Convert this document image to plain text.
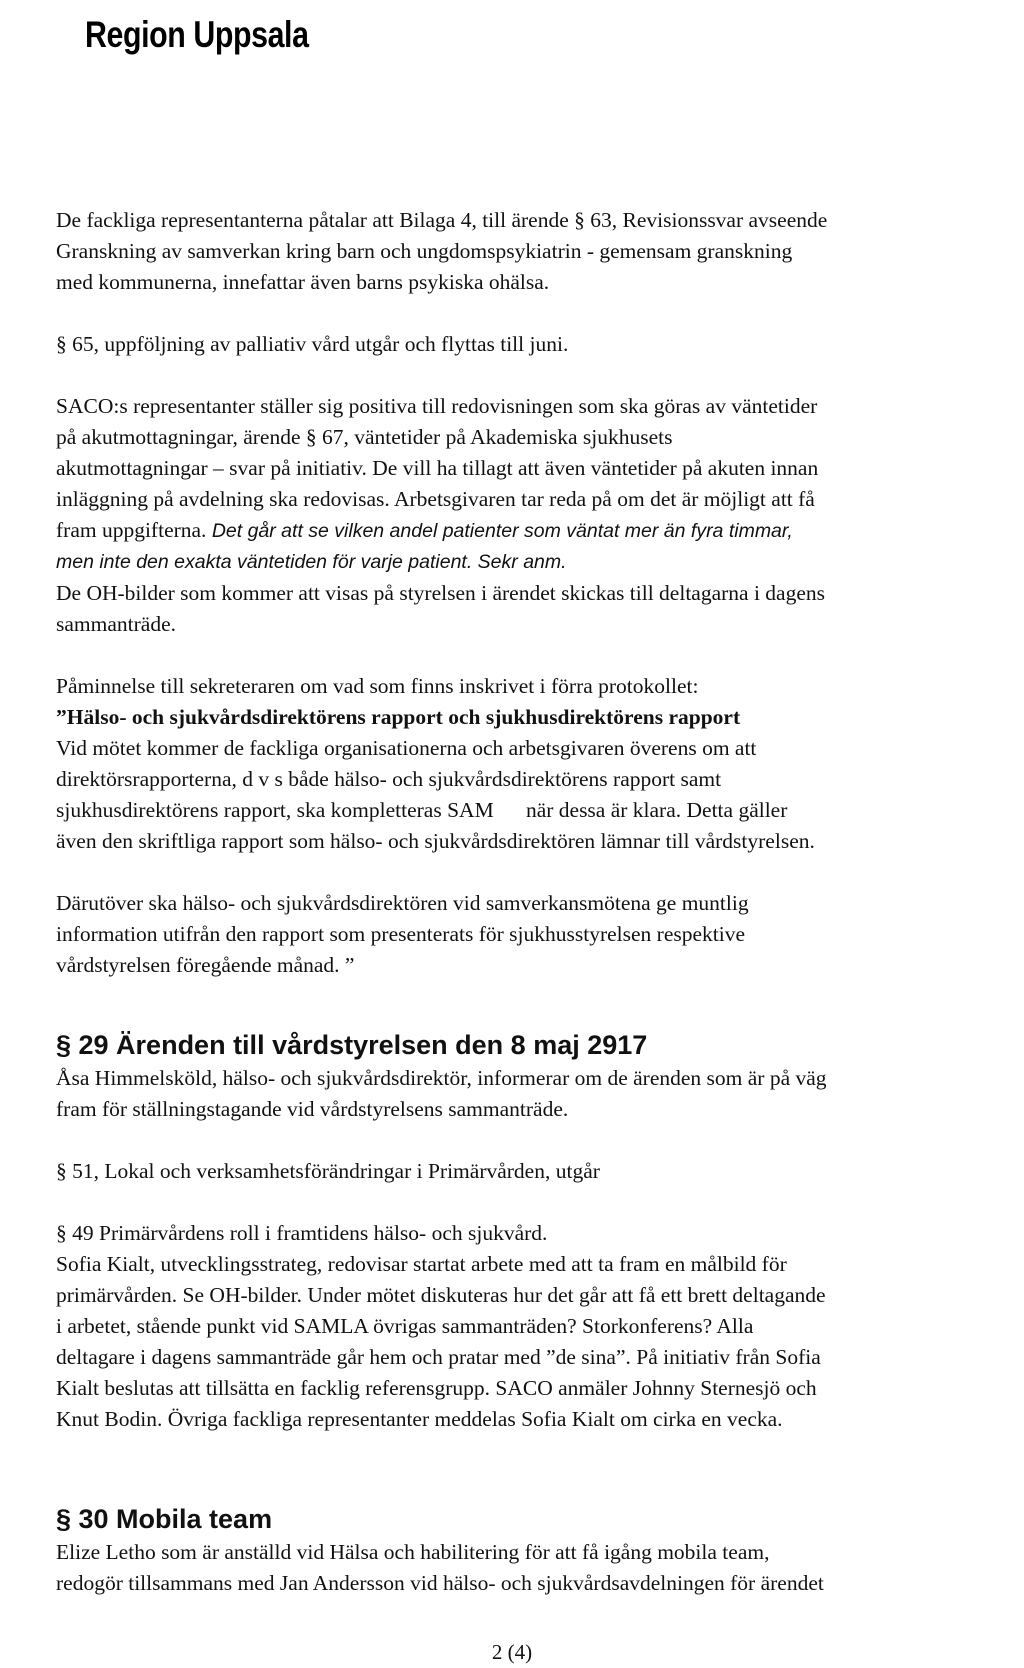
Region Uppsala

De fackliga representanterna påtalar att Bilaga 4, till ärende § 63, Revisionssvar avseende
Granskning av samverkan kring barn och ungdomspsykiatrin - gemensam granskning
med kommunerna, innefattar även barns psykiska ohälsa.

§ 65, uppföljning av palliativ vård utgår och flyttas till juni.

SACO:s representanter ställer sig positiva till redovisningen som ska göras av väntetider
på akutmottagningar, ärende § 67, väntetider på Akademiska sjukhusets
akutmottagningar – svar på initiativ. De vill ha tillagt att även väntetider på akuten innan
inläggning på avdelning ska redovisas. Arbetsgivaren tar reda på om det är möjligt att få
fram uppgifterna. Det går att se vilken andel patienter som väntat mer än fyra timmar,
men inte den exakta väntetiden för varje patient. Sekr anm.
De OH-bilder som kommer att visas på styrelsen i ärendet skickas till deltagarna i dagens
sammanträde.

Påminnelse till sekreteraren om vad som finns inskrivet i förra protokollet:
”Hälso- och sjukvårdsdirektörens rapport och sjukhusdirektörens rapport
Vid mötet kommer de fackliga organisationerna och arbetsgivaren överens om att
direktörsrapporterna, d v s både hälso- och sjukvårdsdirektörens rapport samt
sjukhusdirektörens rapport, ska kompletteras SAM      när dessa är klara. Detta gäller
även den skriftliga rapport som hälso- och sjukvårdsdirektören lämnar till vårdstyrelsen.

Därutöver ska hälso- och sjukvårdsdirektören vid samverkansmötena ge muntlig
information utifrån den rapport som presenterats för sjukhusstyrelsen respektive
vårdstyrelsen föregående månad. ”

§ 29 Ärenden till vårdstyrelsen den 8 maj 2917

Åsa Himmelsköld, hälso- och sjukvårdsdirektör, informerar om de ärenden som är på väg
fram för ställningstagande vid vårdstyrelsens sammanträde.

§ 51, Lokal och verksamhetsförändringar i Primärvården, utgår

§ 49 Primärvårdens roll i framtidens hälso- och sjukvård.
Sofia Kialt, utvecklingsstrateg, redovisar startat arbete med att ta fram en målbild för
primärvården. Se OH-bilder. Under mötet diskuteras hur det går att få ett brett deltagande
i arbetet, stående punkt vid SAMLA övrigas sammanträden? Storkonferens? Alla
deltagare i dagens sammanträde går hem och pratar med ”de sina”. På initiativ från Sofia
Kialt beslutas att tillsätta en facklig referensgrupp. SACO anmäler Johnny Sternesjö och
Knut Bodin. Övriga fackliga representanter meddelas Sofia Kialt om cirka en vecka.

§ 30 Mobila team

Elize Letho som är anställd vid Hälsa och habilitering för att få igång mobila team,
redogör tillsammans med Jan Andersson vid hälso- och sjukvårdsavdelningen för ärendet

2 (4)
